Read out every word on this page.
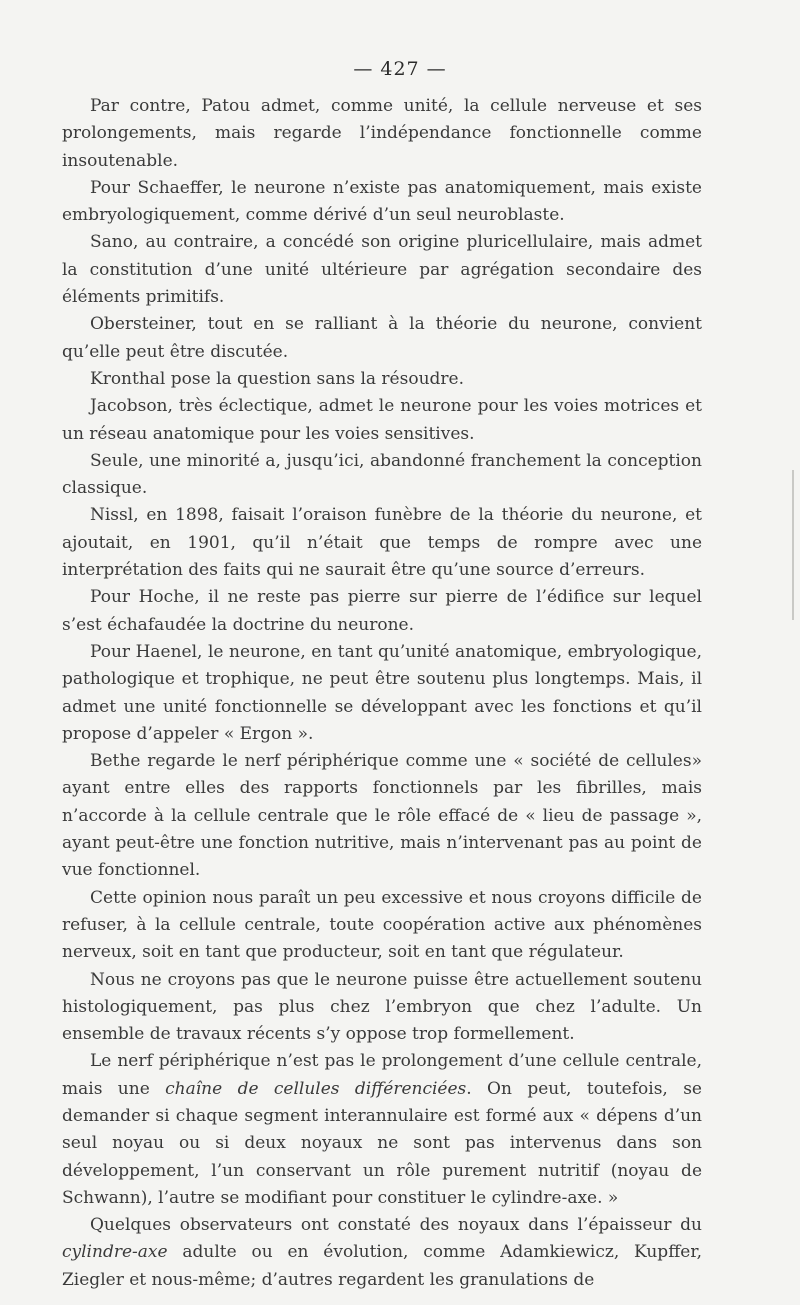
— 427 —

Par contre, Patou admet, comme unité, la cellule nerveuse et ses prolongements, mais regarde l’indépendance fonctionnelle comme insoutenable.

Pour Schaeffer, le neurone n’existe pas anatomiquement, mais existe embryologiquement, comme dérivé d’un seul neuroblaste.

Sano, au contraire, a concédé son origine pluricellulaire, mais admet la constitution d’une unité ultérieure par agrégation secondaire des éléments primitifs.

Obersteiner, tout en se ralliant à la théorie du neurone, convient qu’elle peut être discutée.

Kronthal pose la question sans la résoudre.

Jacobson, très éclectique, admet le neurone pour les voies motrices et un réseau anatomique pour les voies sensitives.

Seule, une minorité a, jusqu’ici, abandonné franchement la conception classique.

Nissl, en 1898, faisait l’oraison funèbre de la théorie du neurone, et ajoutait, en 1901, qu’il n’était que temps de rompre avec une interprétation des faits qui ne saurait être qu’une source d’erreurs.

Pour Hoche, il ne reste pas pierre sur pierre de l’édifice sur lequel s’est échafaudée la doctrine du neurone.

Pour Haenel, le neurone, en tant qu’unité anatomique, embryologique, pathologique et trophique, ne peut être soutenu plus longtemps. Mais, il admet une unité fonctionnelle se développant avec les fonctions et qu’il propose d’appeler « Ergon ».

Bethe regarde le nerf périphérique comme une « société de cellules» ayant entre elles des rapports fonctionnels par les fibrilles, mais n’accorde à la cellule centrale que le rôle effacé de « lieu de passage », ayant peut-être une fonction nutritive, mais n’intervenant pas au point de vue fonctionnel.

Cette opinion nous paraît un peu excessive et nous croyons difficile de refuser, à la cellule centrale, toute coopération active aux phénomènes nerveux, soit en tant que producteur, soit en tant que régulateur.

Nous ne croyons pas que le neurone puisse être actuellement soutenu histologiquement, pas plus chez l’embryon que chez l’adulte. Un ensemble de travaux récents s’y oppose trop formellement.

Le nerf périphérique n’est pas le prolongement d’une cellule centrale, mais une chaîne de cellules différenciées. On peut, toutefois, se demander si chaque segment interannulaire est formé aux « dépens d’un seul noyau ou si deux noyaux ne sont pas intervenus dans son développement, l’un conservant un rôle purement nutritif (noyau de Schwann), l’autre se modifiant pour constituer le cylindre-axe. »

Quelques observateurs ont constaté des noyaux dans l’épaisseur du cylindre-axe adulte ou en évolution, comme Adamkiewicz, Kupffer, Ziegler et nous-même; d’autres regardent les granulations de
